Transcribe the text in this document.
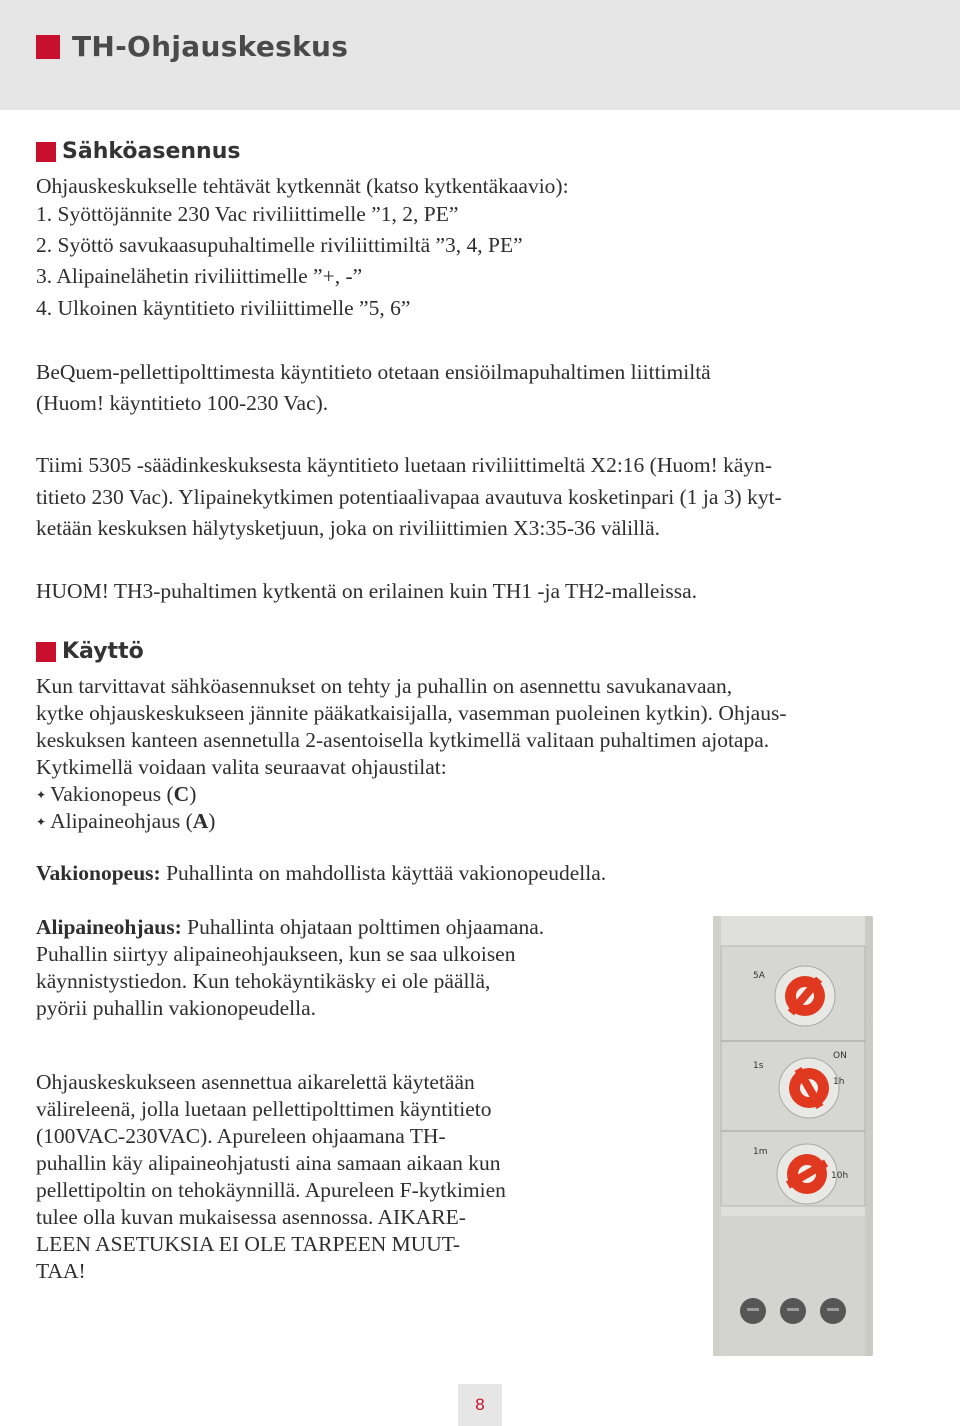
TH-Ohjauskeskus
Sähköasennus
Ohjauskeskukselle tehtävät kytkennät (katso kytkentäkaavio):
1. Syöttöjännite 230 Vac riviliittimelle ”1, 2, PE”
2. Syöttö savukaasupuhaltimelle riviliittimiltä ”3, 4, PE”
3. Alipainelähetin riviliittimelle ”+, -”
4. Ulkoinen käyntitieto riviliittimelle ”5, 6”
BeQuem-pellettipolttimesta käyntitieto otetaan ensiöilmapuhaltimen liittimiltä
(Huom! käyntitieto 100-230 Vac).
Tiimi 5305 -säädinkeskuksesta käyntitieto luetaan riviliittimeltä X2:16 (Huom! käyn-
titieto 230 Vac). Ylipainekytkimen potentiaalivapaa avautuva kosketinpari (1 ja 3) kyt-
ketään keskuksen hälytysketjuun, joka on riviliittimien X3:35-36 välillä.
HUOM! TH3-puhaltimen kytkentä on erilainen kuin TH1 -ja TH2-malleissa.
Käyttö
Kun tarvittavat sähköasennukset on tehty ja puhallin on asennettu savukanavaan,
kytke ohjauskeskukseen jännite pääkatkaisijalla, vasemman puoleinen kytkin). Ohjaus-
keskuksen kanteen asennetulla 2-asentoisella kytkimellä valitaan puhaltimen ajotapa.
Kytkimellä voidaan valita seuraavat ohjaustilat:
✦ Vakionopeus (C)
✦ Alipaineohjaus (A)
Vakionopeus: Puhallinta on mahdollista käyttää vakionopeudella.
Alipaineohjaus: Puhallinta ohjataan polttimen ohjaamana.
Puhallin siirtyy alipaineohjaukseen, kun se saa ulkoisen
käynnistystiedon. Kun tehokäyntikäsky ei ole päällä,
pyörii puhallin vakionopeudella.
Ohjauskeskukseen asennettua aikarelettä käytetään
välireleenä, jolla luetaan pellettipolttimen käyntitieto
(100VAC-230VAC). Apureleen ohjaamana TH-
puhallin käy alipaineohjatusti aina samaan aikaan kun
pellettipoltin on tehokäynnillä. Apureleen F-kytkimien
tulee olla kuvan mukaisessa asennossa. AIKARE-
LEEN ASETUKSIA EI OLE TARPEEN MUUT-
TAA!
5A
ON
1s
1h
1m
10h
8
